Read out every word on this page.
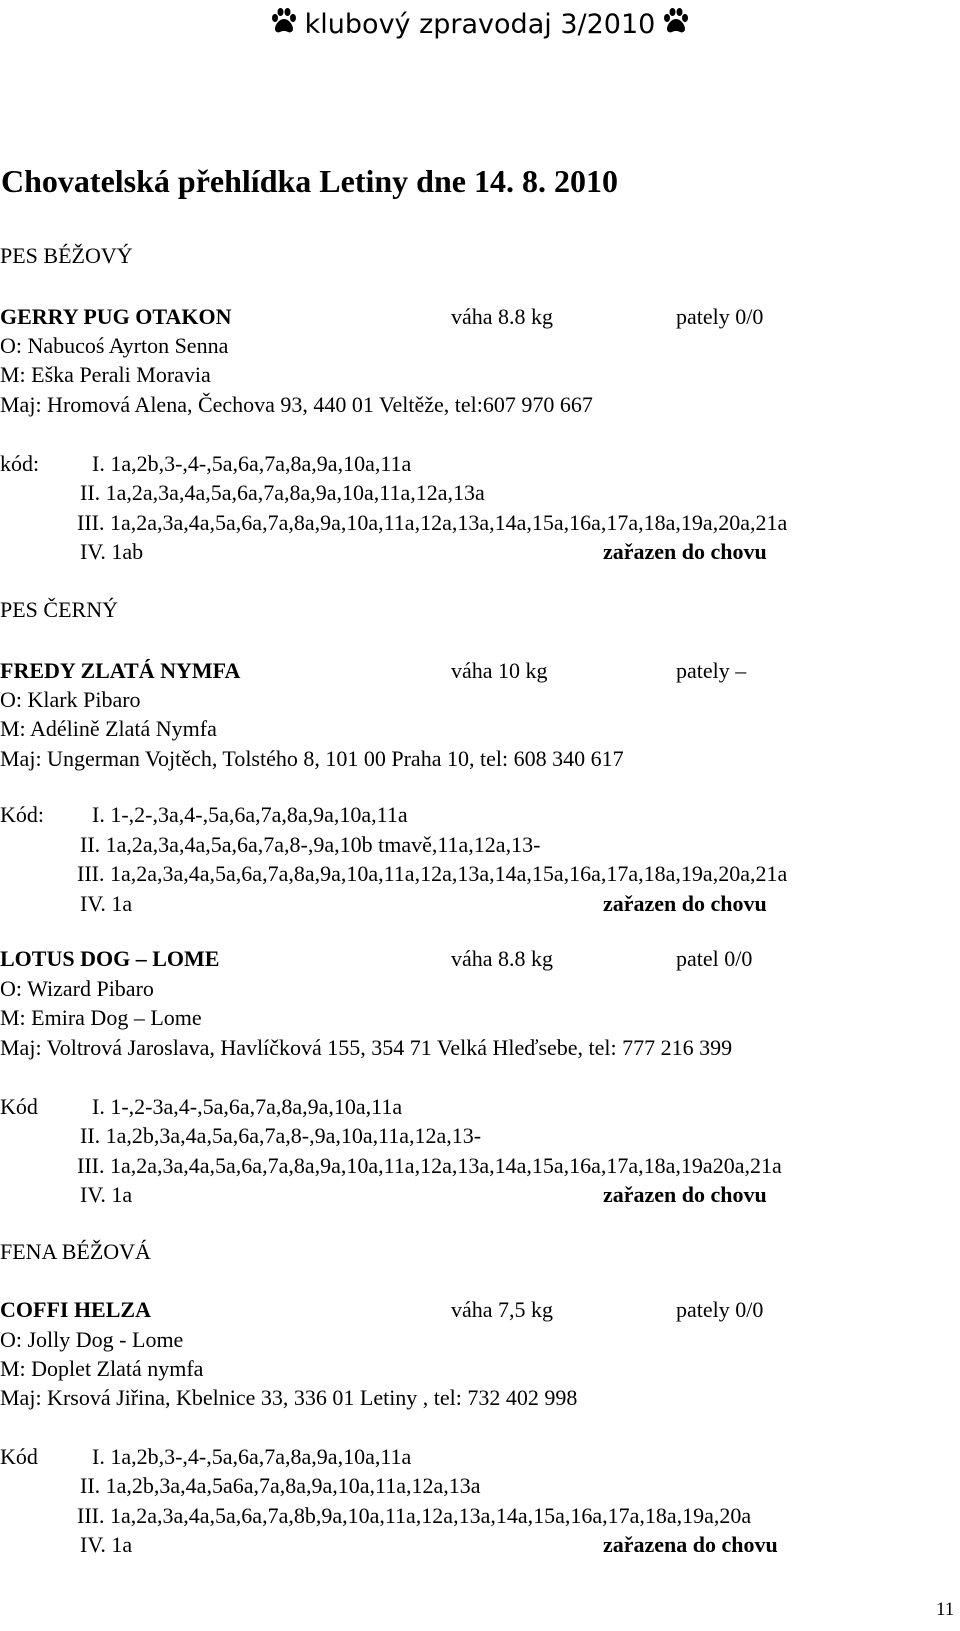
klubový zpravodaj 3/2010
Chovatelská přehlídka Letiny dne 14. 8. 2010
PES BÉŽOVÝ
GERRY PUG OTAKON	váha 8.8 kg	pately 0/0
O: Nabucoś Ayrton Senna
M: Eška Perali Moravia
Maj: Hromová Alena, Čechova 93, 440 01 Veltěže, tel:607 970 667
kód: I. 1a,2b,3-,4-,5a,6a,7a,8a,9a,10a,11a
II. 1a,2a,3a,4a,5a,6a,7a,8a,9a,10a,11a,12a,13a
III. 1a,2a,3a,4a,5a,6a,7a,8a,9a,10a,11a,12a,13a,14a,15a,16a,17a,18a,19a,20a,21a
IV. 1ab	zařazen do chovu
PES ČERNÝ
FREDY ZLATÁ NYMFA	váha 10 kg	pately –
O: Klark Pibaro
M: Adélině Zlatá Nymfa
Maj: Ungerman Vojtěch, Tolstého 8, 101 00 Praha 10, tel: 608 340 617
Kód: I. 1-,2-,3a,4-,5a,6a,7a,8a,9a,10a,11a
II. 1a,2a,3a,4a,5a,6a,7a,8-,9a,10b tmavě,11a,12a,13-
III. 1a,2a,3a,4a,5a,6a,7a,8a,9a,10a,11a,12a,13a,14a,15a,16a,17a,18a,19a,20a,21a
IV. 1a	zařazen do chovu
LOTUS DOG – LOME	váha 8.8 kg	patel 0/0
O: Wizard Pibaro
M: Emira Dog – Lome
Maj: Voltrová Jaroslava, Havlíčková 155, 354 71 Velká Hleďsebe, tel: 777 216 399
Kód I. 1-,2-3a,4-,5a,6a,7a,8a,9a,10a,11a
II. 1a,2b,3a,4a,5a,6a,7a,8-,9a,10a,11a,12a,13-
III. 1a,2a,3a,4a,5a,6a,7a,8a,9a,10a,11a,12a,13a,14a,15a,16a,17a,18a,19a20a,21a
IV. 1a	zařazen do chovu
FENA BÉŽOVÁ
COFFI HELZA	váha 7,5 kg	pately 0/0
O: Jolly Dog - Lome
M: Doplet Zlatá nymfa
Maj: Krsová Jiřina, Kbelnice 33, 336 01 Letiny , tel: 732 402 998
Kód I. 1a,2b,3-,4-,5a,6a,7a,8a,9a,10a,11a
II. 1a,2b,3a,4a,5a6a,7a,8a,9a,10a,11a,12a,13a
III. 1a,2a,3a,4a,5a,6a,7a,8b,9a,10a,11a,12a,13a,14a,15a,16a,17a,18a,19a,20a
IV. 1a	zařazena do chovu
11
